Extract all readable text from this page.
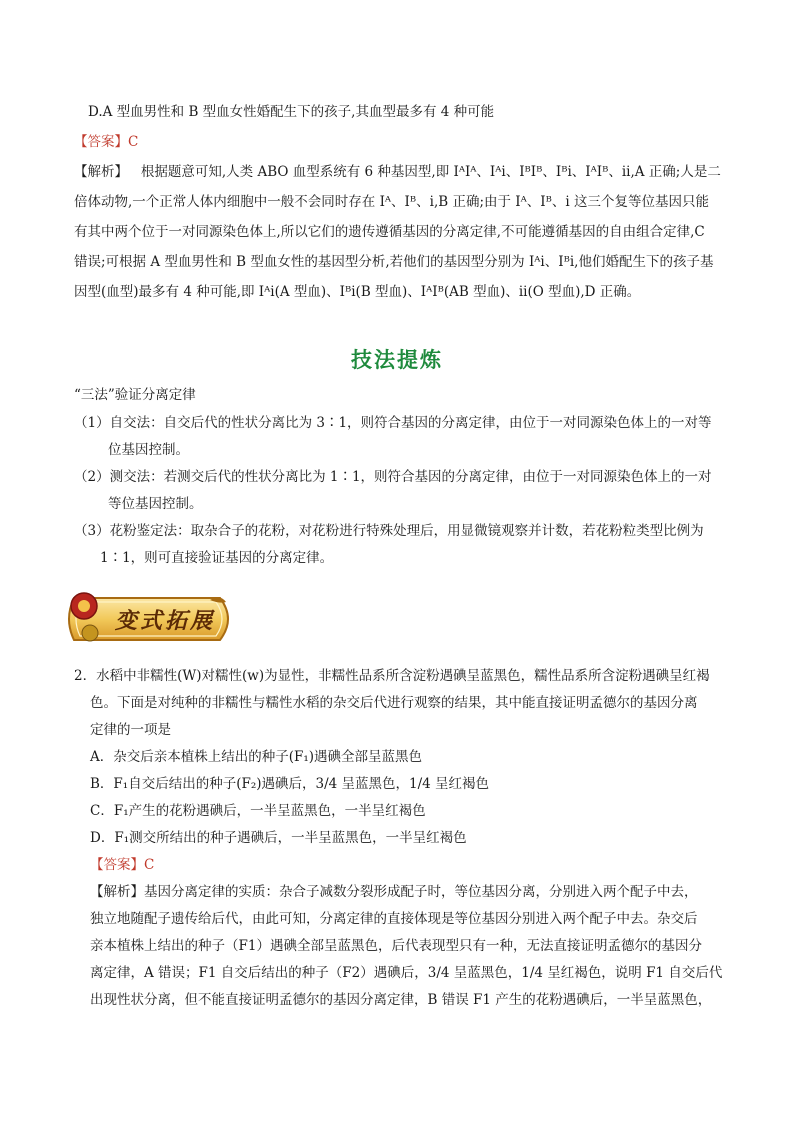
D.A 型血男性和 B 型血女性婚配生下的孩子,其血型最多有 4 种可能
【答案】C
【解析】 根据题意可知,人类 ABO 血型系统有 6 种基因型,即 IᴬIᴬ、Iᴬi、IᴮIᴮ、Iᴮi、IᴬIᴮ、ii,A 正确;人是二
倍体动物,一个正常人体内细胞中一般不会同时存在 Iᴬ、Iᴮ、i,B 正确;由于 Iᴬ、Iᴮ、i 这三个复等位基因只能
有其中两个位于一对同源染色体上,所以它们的遗传遵循基因的分离定律,不可能遵循基因的自由组合定律,C
错误;可根据 A 型血男性和 B 型血女性的基因型分析,若他们的基因型分别为 Iᴬi、Iᴮi,他们婚配生下的孩子基
因型(血型)最多有 4 种可能,即 Iᴬi(A 型血)、Iᴮi(B 型血)、IᴬIᴮ(AB 型血)、ii(O 型血),D 正确。
技法提炼
“三法”验证分离定律
（1）自交法：自交后代的性状分离比为 3∶1，则符合基因的分离定律，由位于一对同源染色体上的一对等
位基因控制。
（2）测交法：若测交后代的性状分离比为 1∶1，则符合基因的分离定律，由位于一对同源染色体上的一对
等位基因控制。
（3）花粉鉴定法：取杂合子的花粉，对花粉进行特殊处理后，用显微镜观察并计数，若花粉粒类型比例为
1∶1，则可直接验证基因的分离定律。
变式拓展
2．水稻中非糯性(W)对糯性(w)为显性，非糯性品系所含淀粉遇碘呈蓝黑色，糯性品系所含淀粉遇碘呈红褐
色。下面是对纯种的非糯性与糯性水稻的杂交后代进行观察的结果，其中能直接证明孟德尔的基因分离
定律的一项是
A．杂交后亲本植株上结出的种子(F₁)遇碘全部呈蓝黑色
B．F₁自交后结出的种子(F₂)遇碘后，3/4 呈蓝黑色，1/4 呈红褐色
C．F₁产生的花粉遇碘后，一半呈蓝黑色，一半呈红褐色
D．F₁测交所结出的种子遇碘后，一半呈蓝黑色，一半呈红褐色
【答案】C
【解析】基因分离定律的实质：杂合子减数分裂形成配子时，等位基因分离，分别进入两个配子中去，
独立地随配子遗传给后代，由此可知，分离定律的直接体现是等位基因分别进入两个配子中去。杂交后
亲本植株上结出的种子（F1）遇碘全部呈蓝黑色，后代表现型只有一种，无法直接证明孟德尔的基因分
离定律，A 错误；F1 自交后结出的种子（F2）遇碘后，3/4 呈蓝黑色，1/4 呈红褐色，说明 F1 自交后代
出现性状分离，但不能直接证明孟德尔的基因分离定律，B 错误 F1 产生的花粉遇碘后，一半呈蓝黑色，
